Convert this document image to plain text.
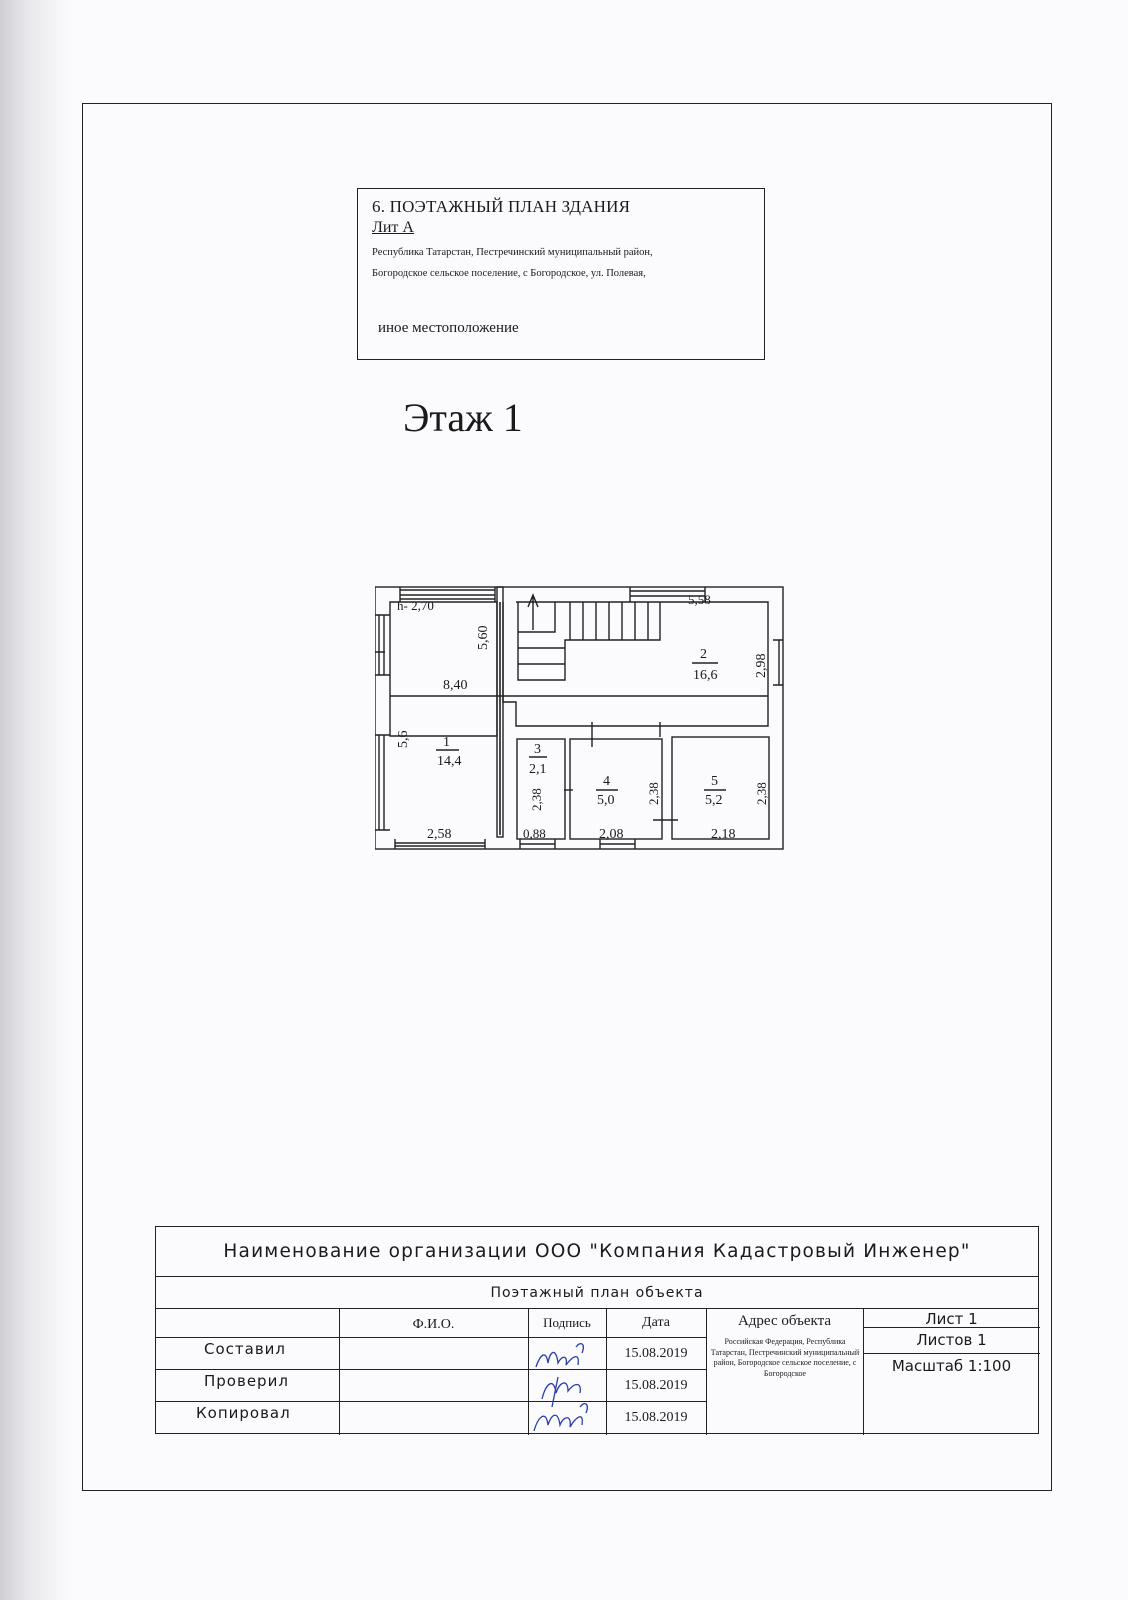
6. ПОЭТАЖНЫЙ ПЛАН ЗДАНИЯ
Лит А
Республика Татарстан, Пестречинский муниципальный район,
Богородское сельское поселение, с Богородское, ул. Полевая,
иное местоположение
Этаж 1
h- 2,70
8,40
5,60
5,6
2,58
5,58
2,98
2,38
0,88	2,08
2,38
2,18
2,38
1
14,4
2
16,6
3
2,1
4
5,0
5
5,2
Наименование организации ООО "Компания Кадастровый Инженер"
Поэтажный план объекта
Ф.И.О.	Подпись	Дата	Адрес объекта
Российская Федерация, Республика Татарстан, Пестречинский муниципальный район, Богородское сельское поселение, с Богородское
Лист 1
Листов 1
Масштаб 1:100
Составил	15.08.2019
Проверил	15.08.2019
Копировал	15.08.2019
